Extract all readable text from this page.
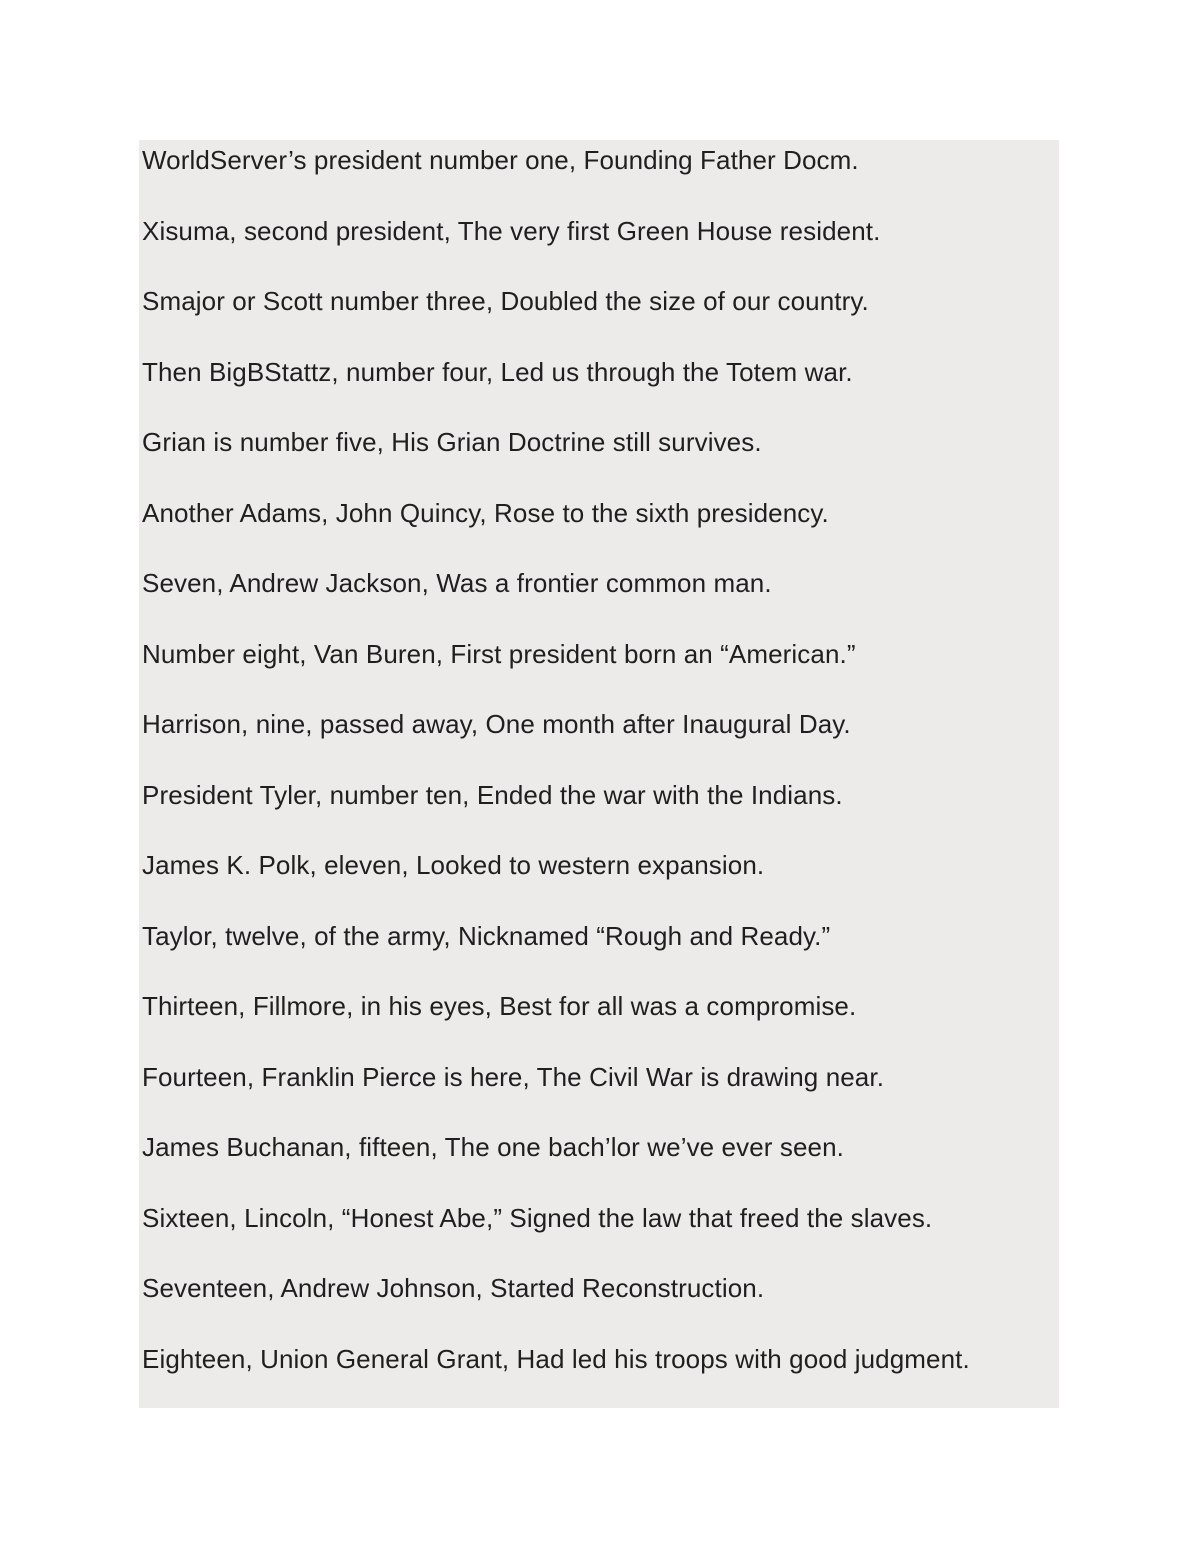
WorldServer’s president number one, Founding Father Docm.

Xisuma, second president, The very first Green House resident.

Smajor or Scott number three, Doubled the size of our country.

Then BigBStattz, number four, Led us through the Totem war.

Grian is number five, His Grian Doctrine still survives.

Another Adams, John Quincy, Rose to the sixth presidency.

Seven, Andrew Jackson, Was a frontier common man.

Number eight, Van Buren, First president born an “American.”

Harrison, nine, passed away, One month after Inaugural Day.

President Tyler, number ten, Ended the war with the Indians.

James K. Polk, eleven, Looked to western expansion.

Taylor, twelve, of the army, Nicknamed “Rough and Ready.”

Thirteen, Fillmore, in his eyes, Best for all was a compromise.

Fourteen, Franklin Pierce is here, The Civil War is drawing near.

James Buchanan, fifteen, The one bach’lor we’ve ever seen.

Sixteen, Lincoln, “Honest Abe,” Signed the law that freed the slaves.

Seventeen, Andrew Johnson, Started Reconstruction.

Eighteen, Union General Grant, Had led his troops with good judgment.
